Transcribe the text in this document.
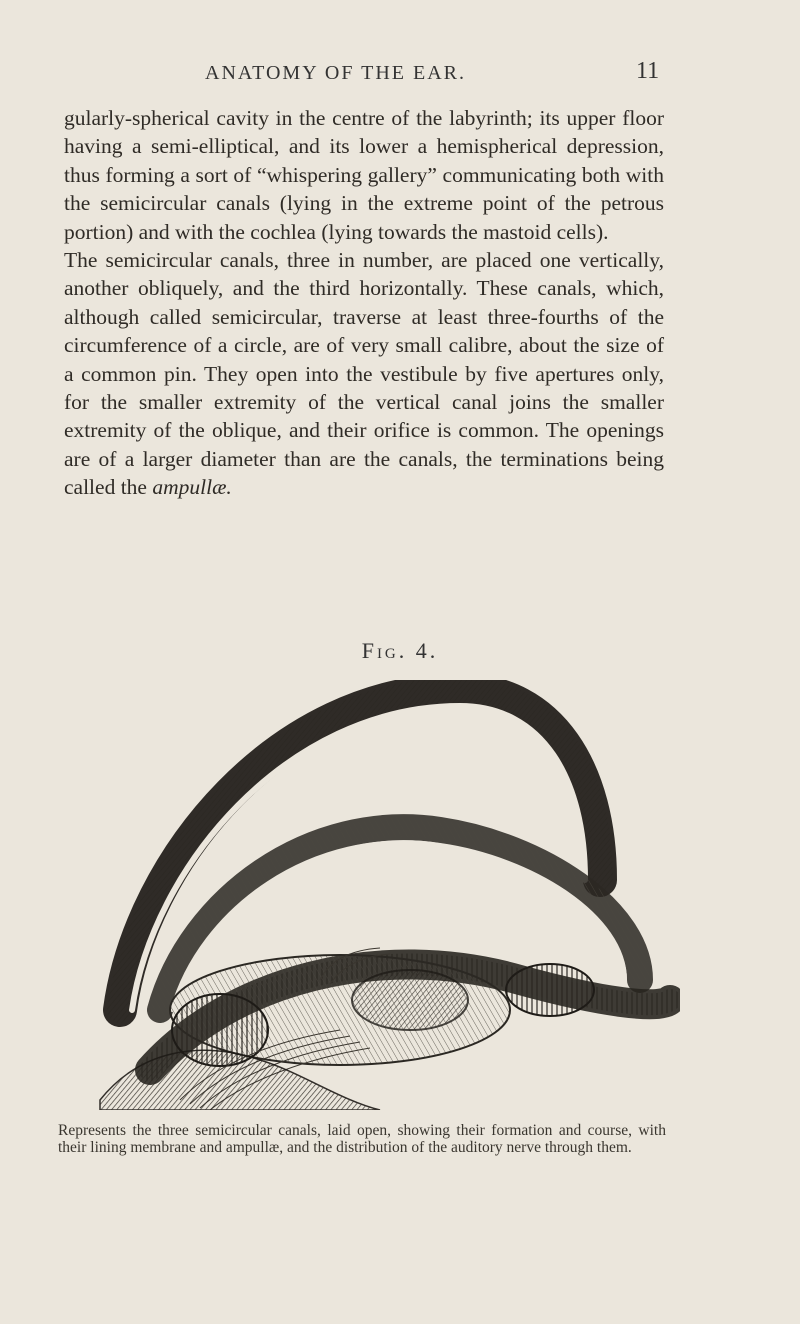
ANATOMY OF THE EAR.	11

gularly-spherical cavity in the centre of the labyrinth; its upper floor having a semi-elliptical, and its lower a hemispherical depression, thus forming a sort of “whispering gallery” communicating both with the semicircular canals (lying in the extreme point of the petrous portion) and with the cochlea (lying towards the mastoid cells).

The semicircular canals, three in number, are placed one vertically, another obliquely, and the third horizontally. These canals, which, although called semicircular, traverse at least three-fourths of the circumference of a circle, are of very small calibre, about the size of a common pin. They open into the vestibule by five apertures only, for the smaller extremity of the vertical canal joins the smaller extremity of the oblique, and their orifice is common. The openings are of a larger diameter than are the canals, the terminations being called the ampullæ.

Fig. 4.
Represents the three semicircular canals, laid open, showing their formation and course, with their lining membrane and ampullæ, and the distribution of the auditory nerve through them.
